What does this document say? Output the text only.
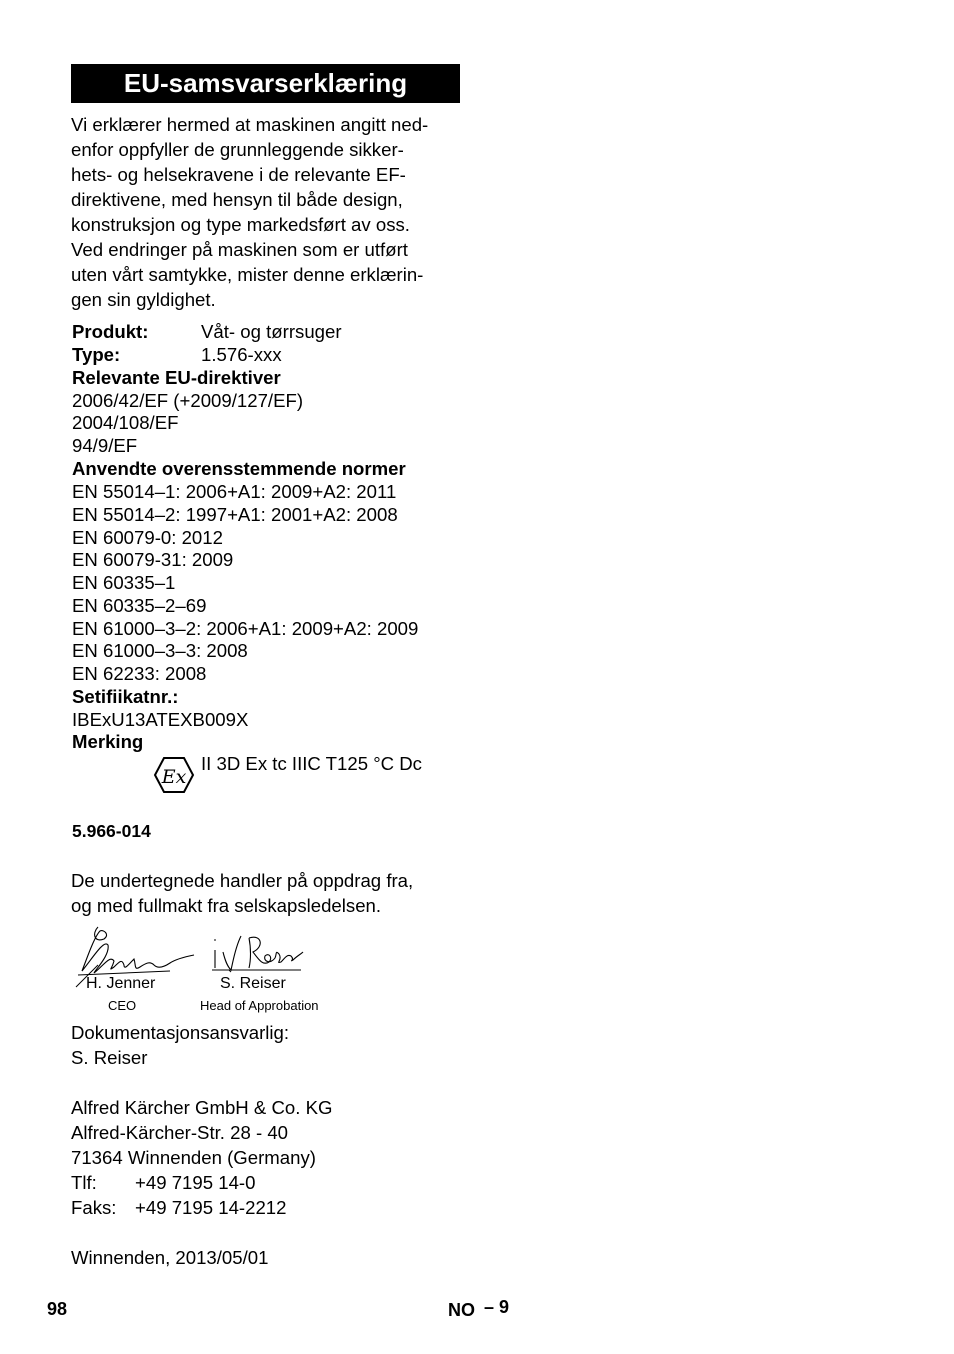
EU-samsvarserklæring
Vi erklærer hermed at maskinen angitt ned-
enfor oppfyller de grunnleggende sikker-
hets- og helsekravene i de relevante EF-
direktivene, med hensyn til både design,
konstruksjon og type markedsført av oss.
Ved endringer på maskinen som er utført
uten vårt samtykke, mister denne erklærin-
gen sin gyldighet.
Produkt:	Våt- og tørrsuger
Type:	1.576-xxx
Relevante EU-direktiver
2006/42/EF (+2009/127/EF)
2004/108/EF
94/9/EF
Anvendte overensstemmende normer
EN 55014–1: 2006+A1: 2009+A2: 2011
EN 55014–2: 1997+A1: 2001+A2: 2008
EN 60079-0: 2012
EN 60079-31: 2009
EN 60335–1
EN 60335–2–69
EN 61000–3–2: 2006+A1: 2009+A2: 2009
EN 61000–3–3: 2008
EN 62233: 2008
Setifiikatnr.:
IBExU13ATEXB009X
Merking
Ex
II 3D Ex tc IIIC T125 °C Dc
5.966-014
De undertegnede handler på oppdrag fra,
og med fullmakt fra selskapsledelsen.
H. Jenner
CEO
S. Reiser
Head of Approbation
Dokumentasjonsansvarlig:
S. Reiser
Alfred Kärcher GmbH & Co. KG
Alfred-Kärcher-Str. 28 - 40
71364 Winnenden (Germany)
Tlf: +49 7195 14-0
Faks: +49 7195 14-2212
Winnenden, 2013/05/01
98	NO – 9
